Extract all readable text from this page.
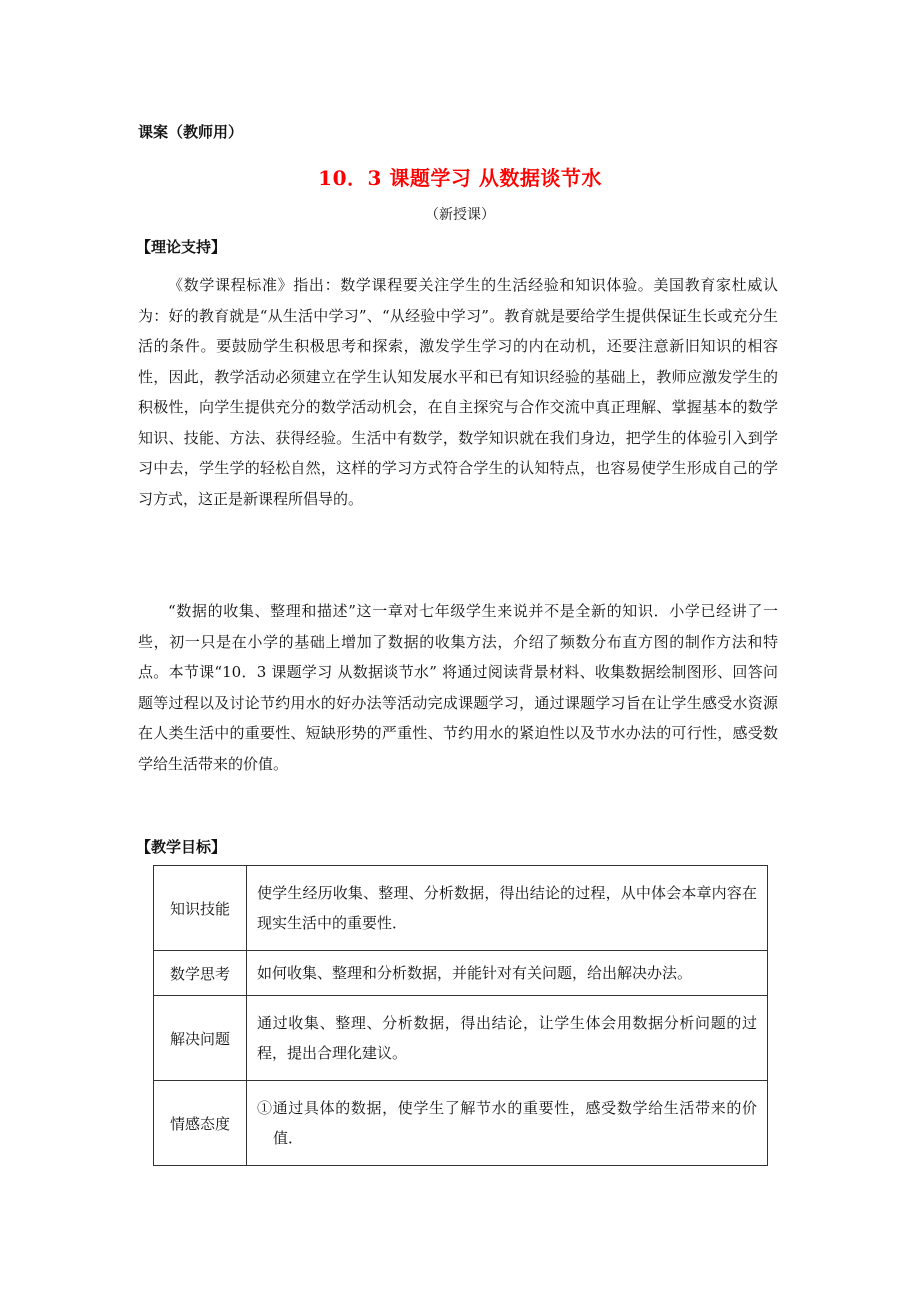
课案（教师用）
10．3 课题学习 从数据谈节水
（新授课）
【理论支持】
《数学课程标准》指出：数学课程要关注学生的生活经验和知识体验。美国教育家杜威认为：好的教育就是“从生活中学习”、“从经验中学习”。教育就是要给学生提供保证生长或充分生活的条件。要鼓励学生积极思考和探索，激发学生学习的内在动机，还要注意新旧知识的相容性，因此，教学活动必须建立在学生认知发展水平和已有知识经验的基础上，教师应激发学生的积极性，向学生提供充分的数学活动机会，在自主探究与合作交流中真正理解、掌握基本的数学知识、技能、方法、获得经验。生活中有数学，数学知识就在我们身边，把学生的体验引入到学习中去，学生学的轻松自然，这样的学习方式符合学生的认知特点，也容易使学生形成自己的学习方式，这正是新课程所倡导的。
“数据的收集、整理和描述”这一章对七年级学生来说并不是全新的知识．小学已经讲了一些，初一只是在小学的基础上增加了数据的收集方法，介绍了频数分布直方图的制作方法和特点。本节课“10．3 课题学习 从数据谈节水” 将通过阅读背景材料、收集数据绘制图形、回答问题等过程以及讨论节约用水的好办法等活动完成课题学习，通过课题学习旨在让学生感受水资源在人类生活中的重要性、短缺形势的严重性、节约用水的紧迫性以及节水办法的可行性，感受数学给生活带来的价值。
【教学目标】
知识技能	使学生经历收集、整理、分析数据，得出结论的过程，从中体会本章内容在现实生活中的重要性．
数学思考	如何收集、整理和分析数据，并能针对有关问题，给出解决办法。
解决问题	通过收集、整理、分析数据，得出结论，让学生体会用数据分析问题的过程，提出合理化建议。
情感态度	①通过具体的数据，使学生了解节水的重要性，感受数学给生活带来的价值．
